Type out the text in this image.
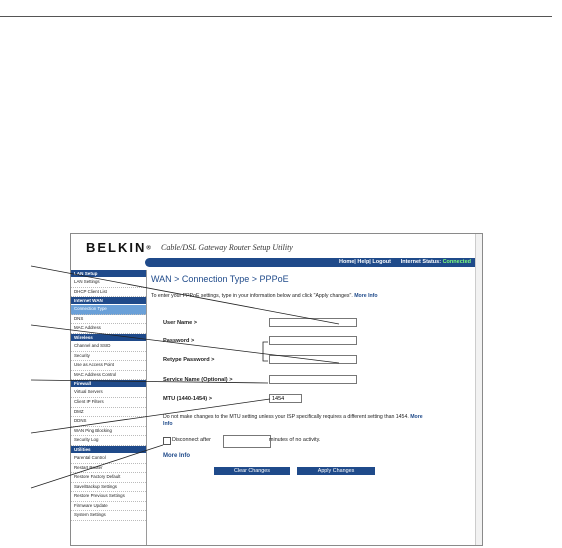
BELKIN® Cable/DSL Gateway Router Setup Utility
Home| Help| Logout Internet Status: Connected
LAN Setup
LAN Settings
DHCP Client List
Internet WAN
Connection Type
DNS
MAC Address
Wireless
Channel and SSID
Security
Use as Access Point
MAC Address Control
Firewall
Virtual Servers
Client IP Filters
DMZ
DDNS
WAN Ping Blocking
Security Log
Utilities
Parental Control
Restart Router
Restore Factory Default
Save/Backup Settings
Restore Previous Settings
Firmware Update
System Settings
WAN > Connection Type > PPPoE
To enter your PPPoE settings, type in your information below and click "Apply changes". More Info
User Name >
Password >
Retype Password >
Service Name (Optional) >
MTU (1440-1454) >
1454
Do not make changes to the MTU setting unless your ISP specifically requires a different setting than 1454. More Info
Disconnect after	minutes of no activity.
More Info
Clear Changes	Apply Changes
